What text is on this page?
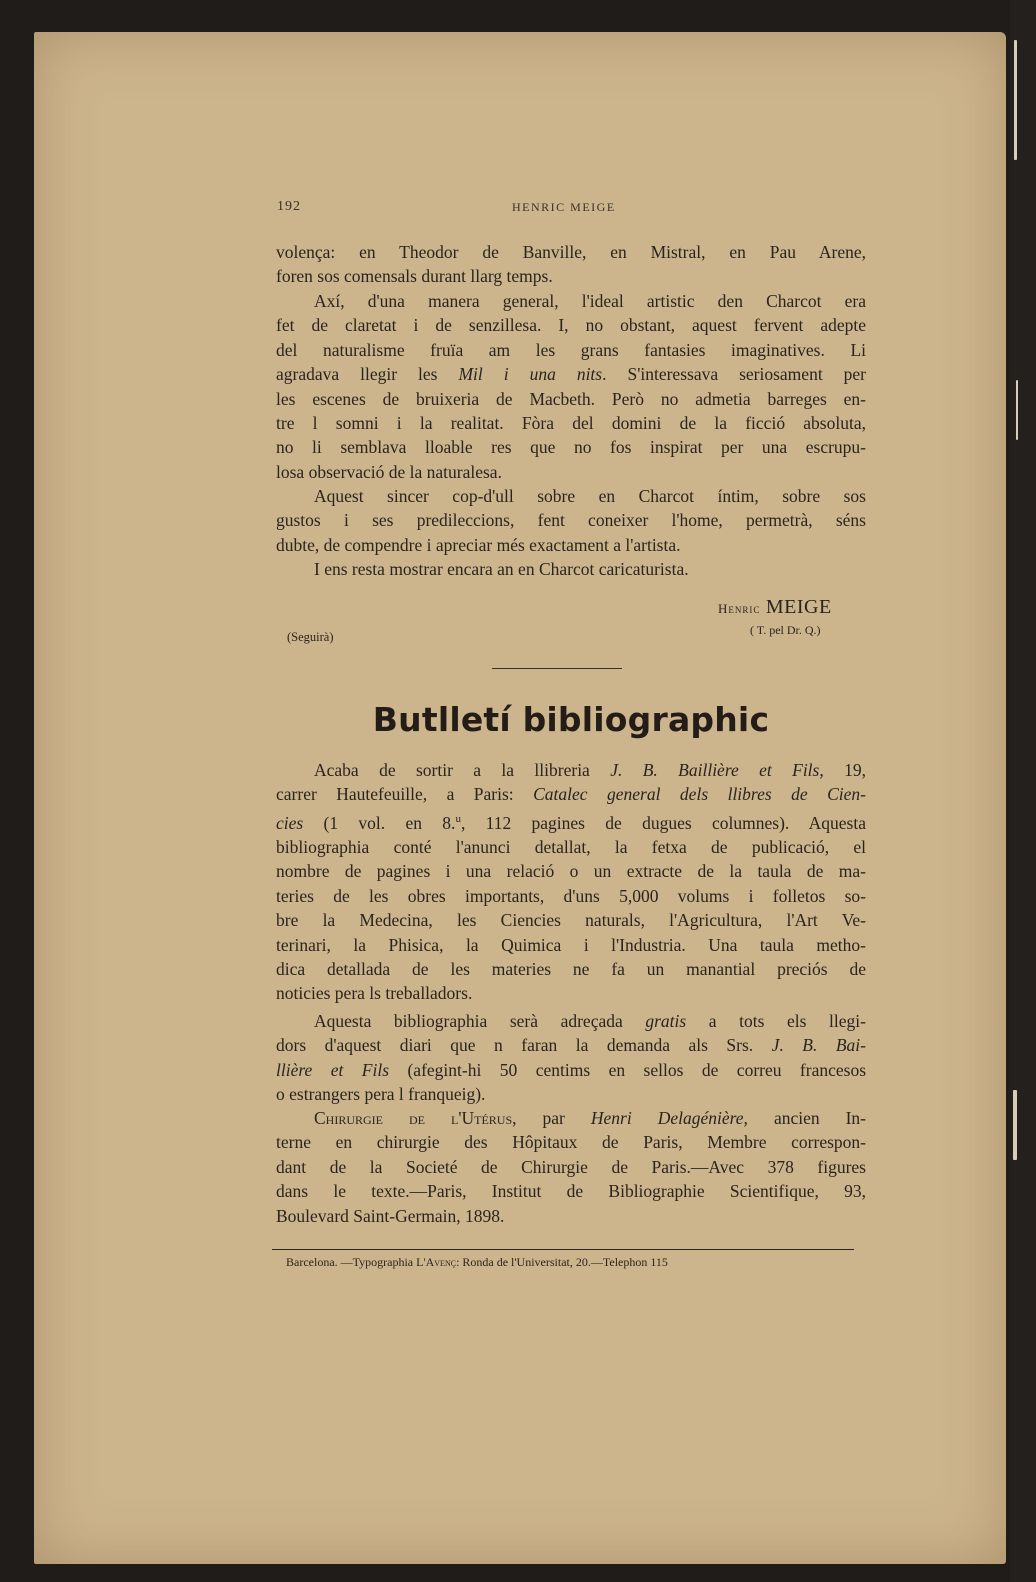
192	HENRIC MEIGE
volença: en Theodor de Banville, en Mistral, en Pau Arene,
foren sos comensals durant llarg temps.
Axí, d'una manera general, l'ideal artistic den Charcot era
fet de claretat i de senzillesa. I, no obstant, aquest fervent adepte
del naturalisme fruïa am les grans fantasies imaginatives. Li
agradava llegir les Mil i una nits. S'interessava seriosament per
les escenes de bruixeria de Macbeth. Però no admetia barreges en-
tre l somni i la realitat. Fòra del domini de la ficció absoluta,
no li semblava lloable res que no fos inspirat per una escrupu-
losa observació de la naturalesa.
Aquest sincer cop-d'ull sobre en Charcot íntim, sobre sos
gustos i ses predileccions, fent coneixer l'home, permetrà, séns
dubte, de compendre i apreciar més exactament a l'artista.
I ens resta mostrar encara an en Charcot caricaturista.
Henric MEIGE
( T. pel Dr. Q.)
(Seguirà)
Butlletí bibliographic
Acaba de sortir a la llibreria J. B. Baillière et Fils, 19,
carrer Hautefeuille, a Paris: Catalec general dels llibres de Cien-
cies (1 vol. en 8.$^u$, 112 pagines de dugues columnes). Aquesta
bibliographia conté l'anunci detallat, la fetxa de publicació, el
nombre de pagines i una relació o un extracte de la taula de ma-
teries de les obres importants, d'uns 5,000 volums i folletos so-
bre la Medecina, les Ciencies naturals, l'Agricultura, l'Art Ve-
terinari, la Phisica, la Quimica i l'Industria. Una taula metho-
dica detallada de les materies ne fa un manantial preciós de
noticies pera ls treballadors.
Aquesta bibliographia serà adreçada gratis a tots els llegi-
dors d'aquest diari que n faran la demanda als Srs. J. B. Bai-
llière et Fils (afegint-hi 50 centims en sellos de correu francesos
o estrangers pera l franqueig).
Chirurgie de l'Utérus, par Henri Delagénière, ancien In-
terne en chirurgie des Hôpitaux de Paris, Membre correspon-
dant de la Societé de Chirurgie de Paris.—Avec 378 figures
dans le texte.—Paris, Institut de Bibliographie Scientifique, 93,
Boulevard Saint-Germain, 1898.
Barcelona. —Typographia L'Avenç: Ronda de l'Universitat, 20.—Telephon 115
